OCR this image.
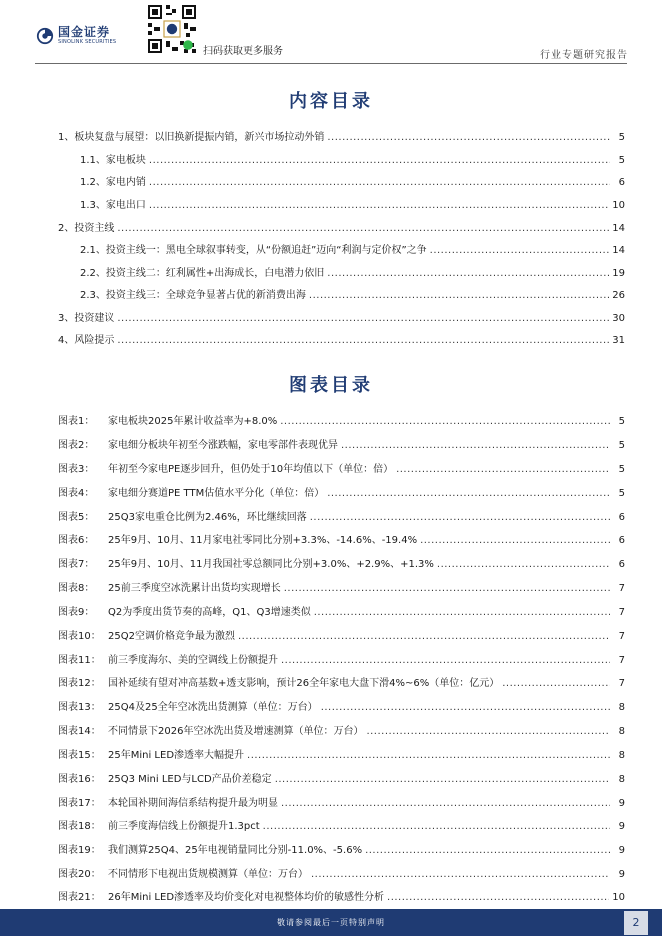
国金证券
SINOLINK SECURITIES
扫码获取更多服务	行业专题研究报告
内容目录
1、板块复盘与展望：以旧换新提振内销，新兴市场拉动外销 .....	5
1.1、家电板块 .....	5
1.2、家电内销 .....	6
1.3、家电出口 .....	10
2、投资主线 .....	14
2.1、投资主线一：黑电全球叙事转变，从“份额追赶”迈向“利润与定价权”之争 .....	14
2.2、投资主线二：红利属性+出海成长，白电潜力依旧 .....	19
2.3、投资主线三：全球竞争显著占优的新消费出海 .....	26
3、投资建议 .....	30
4、风险提示 .....	31
图表目录
图表1：	家电板块2025年累计收益率为+8.0% .....	5
图表2：	家电细分板块年初至今涨跌幅，家电零部件表现优异 .....	5
图表3：	年初至今家电PE逐步回升，但仍处于10年均值以下（单位：倍） .....	5
图表4：	家电细分赛道PE TTM估值水平分化（单位：倍） .....	5
图表5：	25Q3家电重仓比例为2.46%，环比继续回落 .....	6
图表6：	25年9月、10月、11月家电社零同比分别+3.3%、-14.6%、-19.4% .....	6
图表7：	25年9月、10月、11月我国社零总额同比分别+3.0%、+2.9%、+1.3% .....	6
图表8：	25前三季度空冰洗累计出货均实现增长 .....	7
图表9：	Q2为季度出货节奏的高峰，Q1、Q3增速类似 .....	7
图表10： 25Q2空调价格竞争最为激烈 .....	7
图表11： 前三季度海尔、美的空调线上份额提升 .....	7
图表12： 国补延续有望对冲高基数+透支影响，预计26全年家电大盘下滑4%~6%（单位：亿元） .....	7
图表13： 25Q4及25全年空冰洗出货测算（单位：万台） .....	8
图表14： 不同情景下2026年空冰洗出货及增速测算（单位：万台） .....	8
图表15： 25年Mini LED渗透率大幅提升 .....	8
图表16： 25Q3 Mini LED与LCD产品价差稳定 .....	8
图表17： 本轮国补期间海信系结构提升最为明显 .....	9
图表18： 前三季度海信线上份额提升1.3pct .....	9
图表19： 我们测算25Q4、25年电视销量同比分别-11.0%、-5.6% .....	9
图表20： 不同情形下电视出货规模测算（单位：万台） .....	9
图表21： 26年Mini LED渗透率及均价变化对电视整体均价的敏感性分析 .....	10
敬请参阅最后一页特别声明	2
